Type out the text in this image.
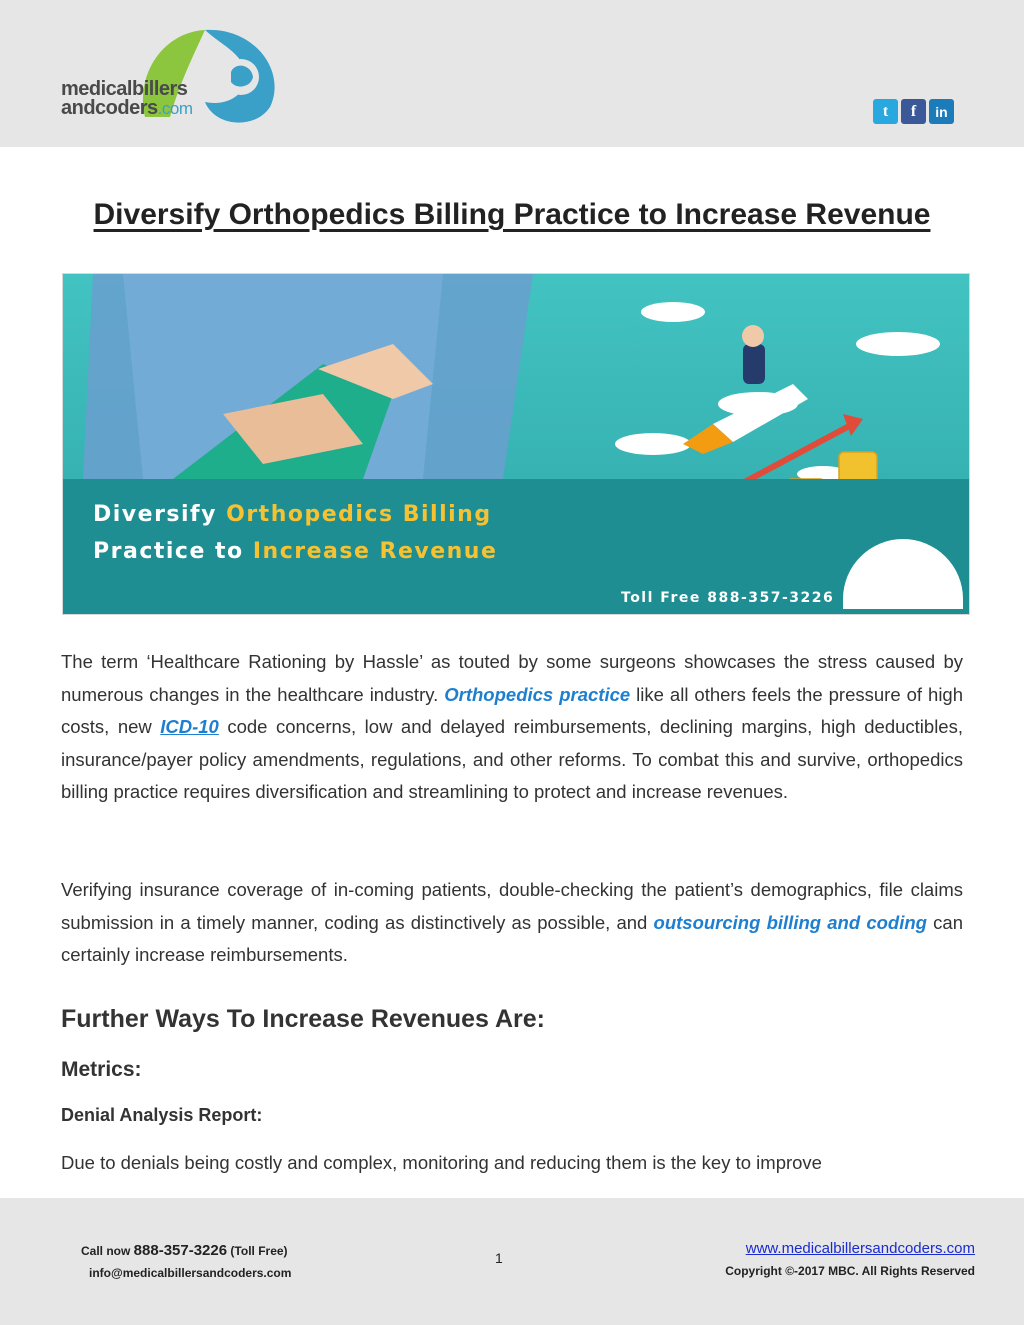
medicalbillers
andcoders.com	t	f	in
Diversify Orthopedics Billing Practice to Increase Revenue
Diversify Orthopedics Billing
Practice to Increase Revenue
Toll Free 888-357-3226

The term ‘Healthcare Rationing by Hassle’ as touted by some surgeons showcases the stress caused by numerous changes in the healthcare industry. Orthopedics practice like all others feels the pressure of high costs, new ICD-10 code concerns, low and delayed reimbursements, declining margins, high deductibles, insurance/payer policy amendments, regulations, and other reforms. To combat this and survive, orthopedics billing practice requires diversification and streamlining to protect and increase revenues.

Verifying insurance coverage of in-coming patients, double-checking the patient’s demographics, file claims submission in a timely manner, coding as distinctively as possible, and outsourcing billing and coding can certainly increase reimbursements.

Further Ways To Increase Revenues Are:
Metrics:
Denial Analysis Report:

Due to denials being costly and complex, monitoring and reducing them is the key to improve

Call now 888-357-3226 (Toll Free)
info@medicalbillersandcoders.com
1
www.medicalbillersandcoders.com
Copyright ©-2017 MBC. All Rights Reserved
